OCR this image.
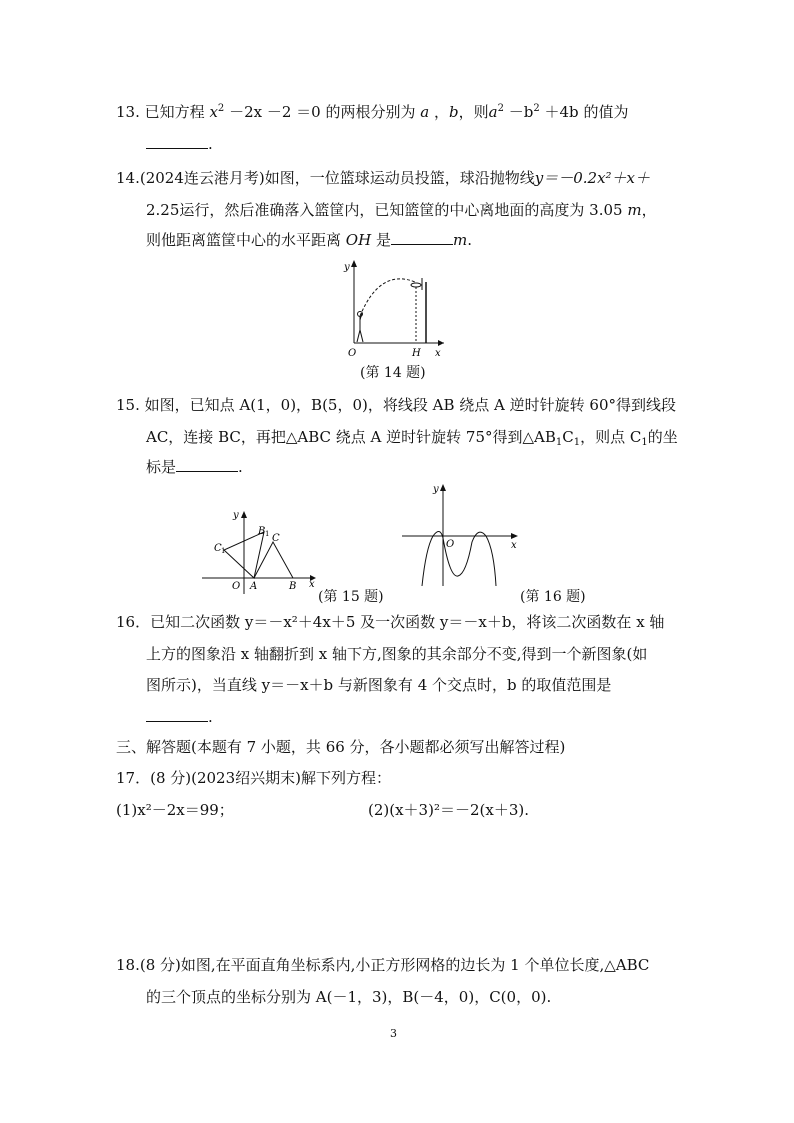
13. 已知方程 $x^2 -2x -2 =0$ 的两根分别为 a ，b，则$a^2 -b^2 +4b$ 的值为
.
14.(2024连云港月考)如图，一位篮球运动员投篮，球沿抛物线y＝－0.2x²＋x＋
2.25运行，然后准确落入篮筐内，已知篮筐的中心离地面的高度为 3.05 m，
则他距离篮筐中心的水平距离 OH 是	m.
y
x
O	H
(第 14 题)
15. 如图，已知点 A(1，0)，B(5，0)，将线段 AB 绕点 A 逆时针旋转 60°得到线段
AC，连接 BC，再把△ABC 绕点 A 逆时针旋转 75°得到$\triangle AB_1C_1$，则点 $C_1$的坐
标是	.
y
x
O A	B
C
B 1
C 1
(第 15 题)
y
x
O
(第 16 题)
16．已知二次函数 y＝－x²＋4x＋5 及一次函数 y＝－x＋b，将该二次函数在 x 轴
上方的图象沿 x 轴翻折到 x 轴下方,图象的其余部分不变,得到一个新图象(如
图所示)，当直线 y＝－x＋b 与新图象有 4 个交点时，b 的取值范围是
.
三、解答题(本题有 7 小题，共 66 分，各小题都必须写出解答过程)
17．(8 分)(2023绍兴期末)解下列方程：
(1)x²－2x＝99；	(2)(x＋3)²＝－2(x＋3).
18.(8 分)如图,在平面直角坐标系内,小正方形网格的边长为 1 个单位长度,△ABC
的三个顶点的坐标分别为 A(－1，3)，B(－4，0)，C(0，0).
3
